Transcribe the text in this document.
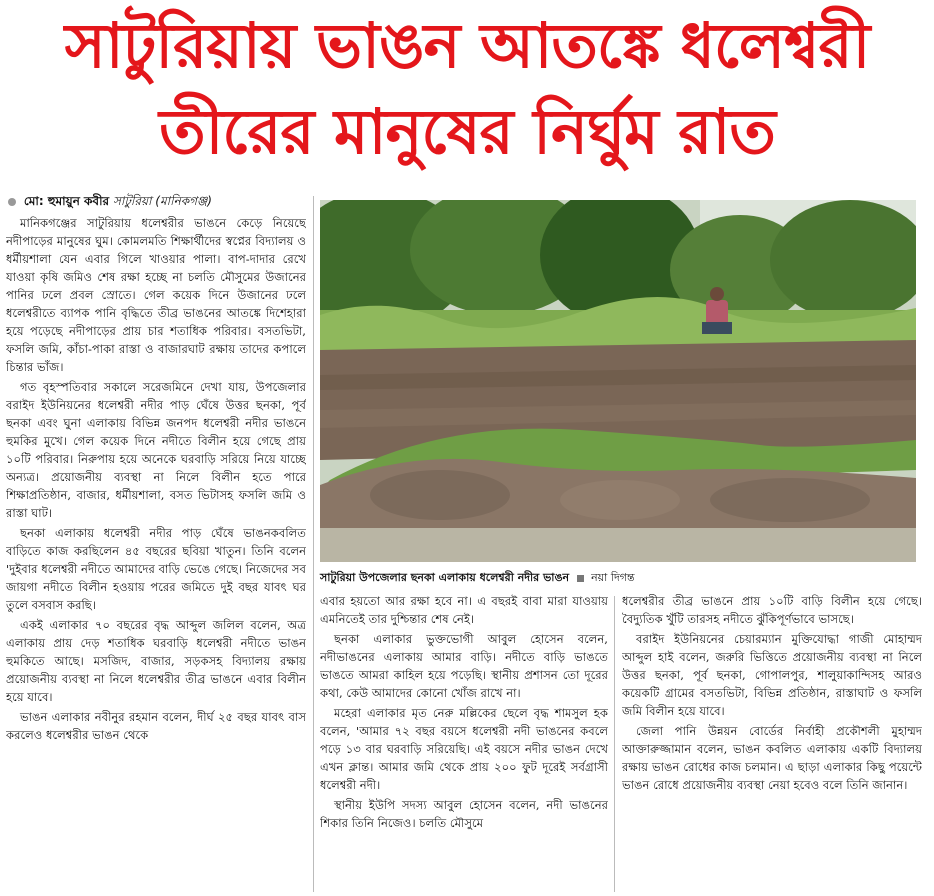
সাটুরিয়ায় ভাঙন আতঙ্কে ধলেশ্বরী
তীরের মানুষের নির্ঘুম রাত
মো: হুমায়ুন কবীর সাটুরিয়া (মানিকগঞ্জ)

মানিকগঞ্জের সাটুরিয়ায় ধলেশ্বরীর ভাঙনে কেড়ে নিয়েছে নদীপাড়ের মানুষের ঘুম। কোমলমতি শিক্ষার্থীদের স্বপ্নের বিদ্যালয় ও ধর্মীয়শালা যেন এবার গিলে খাওয়ার পালা। বাপ-দাদার রেখে যাওয়া কৃষি জমিও শেষ রক্ষা হচ্ছে না চলতি মৌসুমের উজানের পানির ঢলে প্রবল স্রোতে। গেল কয়েক দিনে উজানের ঢলে ধলেশ্বরীতে ব্যাপক পানি বৃদ্ধিতে তীব্র ভাঙনের আতঙ্কে দিশেহারা হয়ে পড়েছে নদীপাড়ের প্রায় চার শতাধিক পরিবার। বসতভিটা, ফসলি জমি, কাঁচা-পাকা রাস্তা ও বাজারঘাট রক্ষায় তাদের কপালে চিন্তার ভাঁজ।

গত বৃহস্পতিবার সকালে সরেজমিনে দেখা যায়, উপজেলার বরাইদ ইউনিয়নের ধলেশ্বরী নদীর পাড় ঘেঁষে উত্তর ছনকা, পূর্ব ছনকা এবং ঘুনা এলাকায় বিভিন্ন জনপদ ধলেশ্বরী নদীর ভাঙনে হুমকির মুখে। গেল কয়েক দিনে নদীতে বিলীন হয়ে গেছে প্রায় ১০টি পরিবার। নিরুপায় হয়ে অনেকে ঘরবাড়ি সরিয়ে নিয়ে যাচ্ছে অন্যত্র। প্রয়োজনীয় ব্যবস্থা না নিলে বিলীন হতে পারে শিক্ষাপ্রতিষ্ঠান, বাজার, ধর্মীয়শালা, বসত ভিটাসহ ফসলি জমি ও রাস্তা ঘাট।

ছনকা এলাকায় ধলেশ্বরী নদীর পাড় ঘেঁষে ভাঙনকবলিত বাড়িতে কাজ করছিলেন ৪৫ বছরের ছবিয়া খাতুন। তিনি বলেন 'দুইবার ধলেশ্বরী নদীতে আমাদের বাড়ি ভেঙে গেছে। নিজেদের সব জায়গা নদীতে বিলীন হওয়ায় পরের জমিতে দুই বছর যাবৎ ঘর তুলে বসবাস করছি।

একই এলাকার ৭০ বছরের বৃদ্ধ আব্দুল জলিল বলেন, অত্র এলাকায় প্রায় দেড় শতাধিক ঘরবাড়ি ধলেশ্বরী নদীতে ভাঙন হুমকিতে আছে। মসজিদ, বাজার, সড়কসহ বিদ্যালয় রক্ষায় প্রয়োজনীয় ব্যবস্থা না নিলে ধলেশ্বরীর তীব্র ভাঙনে এবার বিলীন হয়ে যাবে।

ভাঙন এলাকার নবীনুর রহমান বলেন, দীর্ঘ ২৫ বছর যাবৎ বাস করলেও ধলেশ্বরীর ভাঙন থেকে

সাটুরিয়া উপজেলার ছনকা এলাকায় ধলেশ্বরী নদীর ভাঙন নয়া দিগন্ত

এবার হয়তো আর রক্ষা হবে না। এ বছরই বাবা মারা যাওয়ায় এমনিতেই তার দুশ্চিন্তার শেষ নেই।

ছনকা এলাকার ভুক্তভোগী আবুল হোসেন বলেন, নদীভাঙনের এলাকায় আমার বাড়ি। নদীতে বাড়ি ভাঙতে ভাঙতে আমরা কাহিল হয়ে পড়েছি। স্থানীয় প্রশাসন তো দূরের কথা, কেউ আমাদের কোনো খোঁজ রাখে না।

মহেরা এলাকার মৃত নেরু মল্লিকের ছেলে বৃদ্ধ শামসুল হক বলেন, 'আমার ৭২ বছর বয়সে ধলেশ্বরী নদী ভাঙনের কবলে পড়ে ১৩ বার ঘরবাড়ি সরিয়েছি। এই বয়সে নদীর ভাঙন দেখে এখন ক্লান্ত। আমার জমি থেকে প্রায় ২০০ ফুট দূরেই সর্বগ্রাসী ধলেশ্বরী নদী।

স্থানীয় ইউপি সদস্য আবুল হোসেন বলেন, নদী ভাঙনের শিকার তিনি নিজেও। চলতি মৌসুমে

ধলেশ্বরীর তীব্র ভাঙনে প্রায় ১০টি বাড়ি বিলীন হয়ে গেছে। বৈদ্যুতিক খুঁটি তারসহ নদীতে ঝুঁকিপূর্ণভাবে ভাসছে।

বরাইদ ইউনিয়নের চেয়ারম্যান মুক্তিযোদ্ধা গাজী মোহাম্মদ আব্দুল হাই বলেন, জরুরি ভিত্তিতে প্রয়োজনীয় ব্যবস্থা না নিলে উত্তর ছনকা, পূর্ব ছনকা, গোপালপুর, শালুয়াকান্দিসহ আরও কয়েকটি গ্রামের বসতভিটা, বিভিন্ন প্রতিষ্ঠান, রাস্তাঘাট ও ফসলি জমি বিলীন হয়ে যাবে।

জেলা পানি উন্নয়ন বোর্ডের নির্বাহী প্রকৌশলী মুহাম্মদ আক্তারুজ্জামান বলেন, ভাঙন কবলিত এলাকায় একটি বিদ্যালয় রক্ষায় ভাঙন রোধের কাজ চলমান। এ ছাড়া এলাকার কিছু পয়েন্টে ভাঙন রোধে প্রয়োজনীয় ব্যবস্থা নেয়া হবেও বলে তিনি জানান।
